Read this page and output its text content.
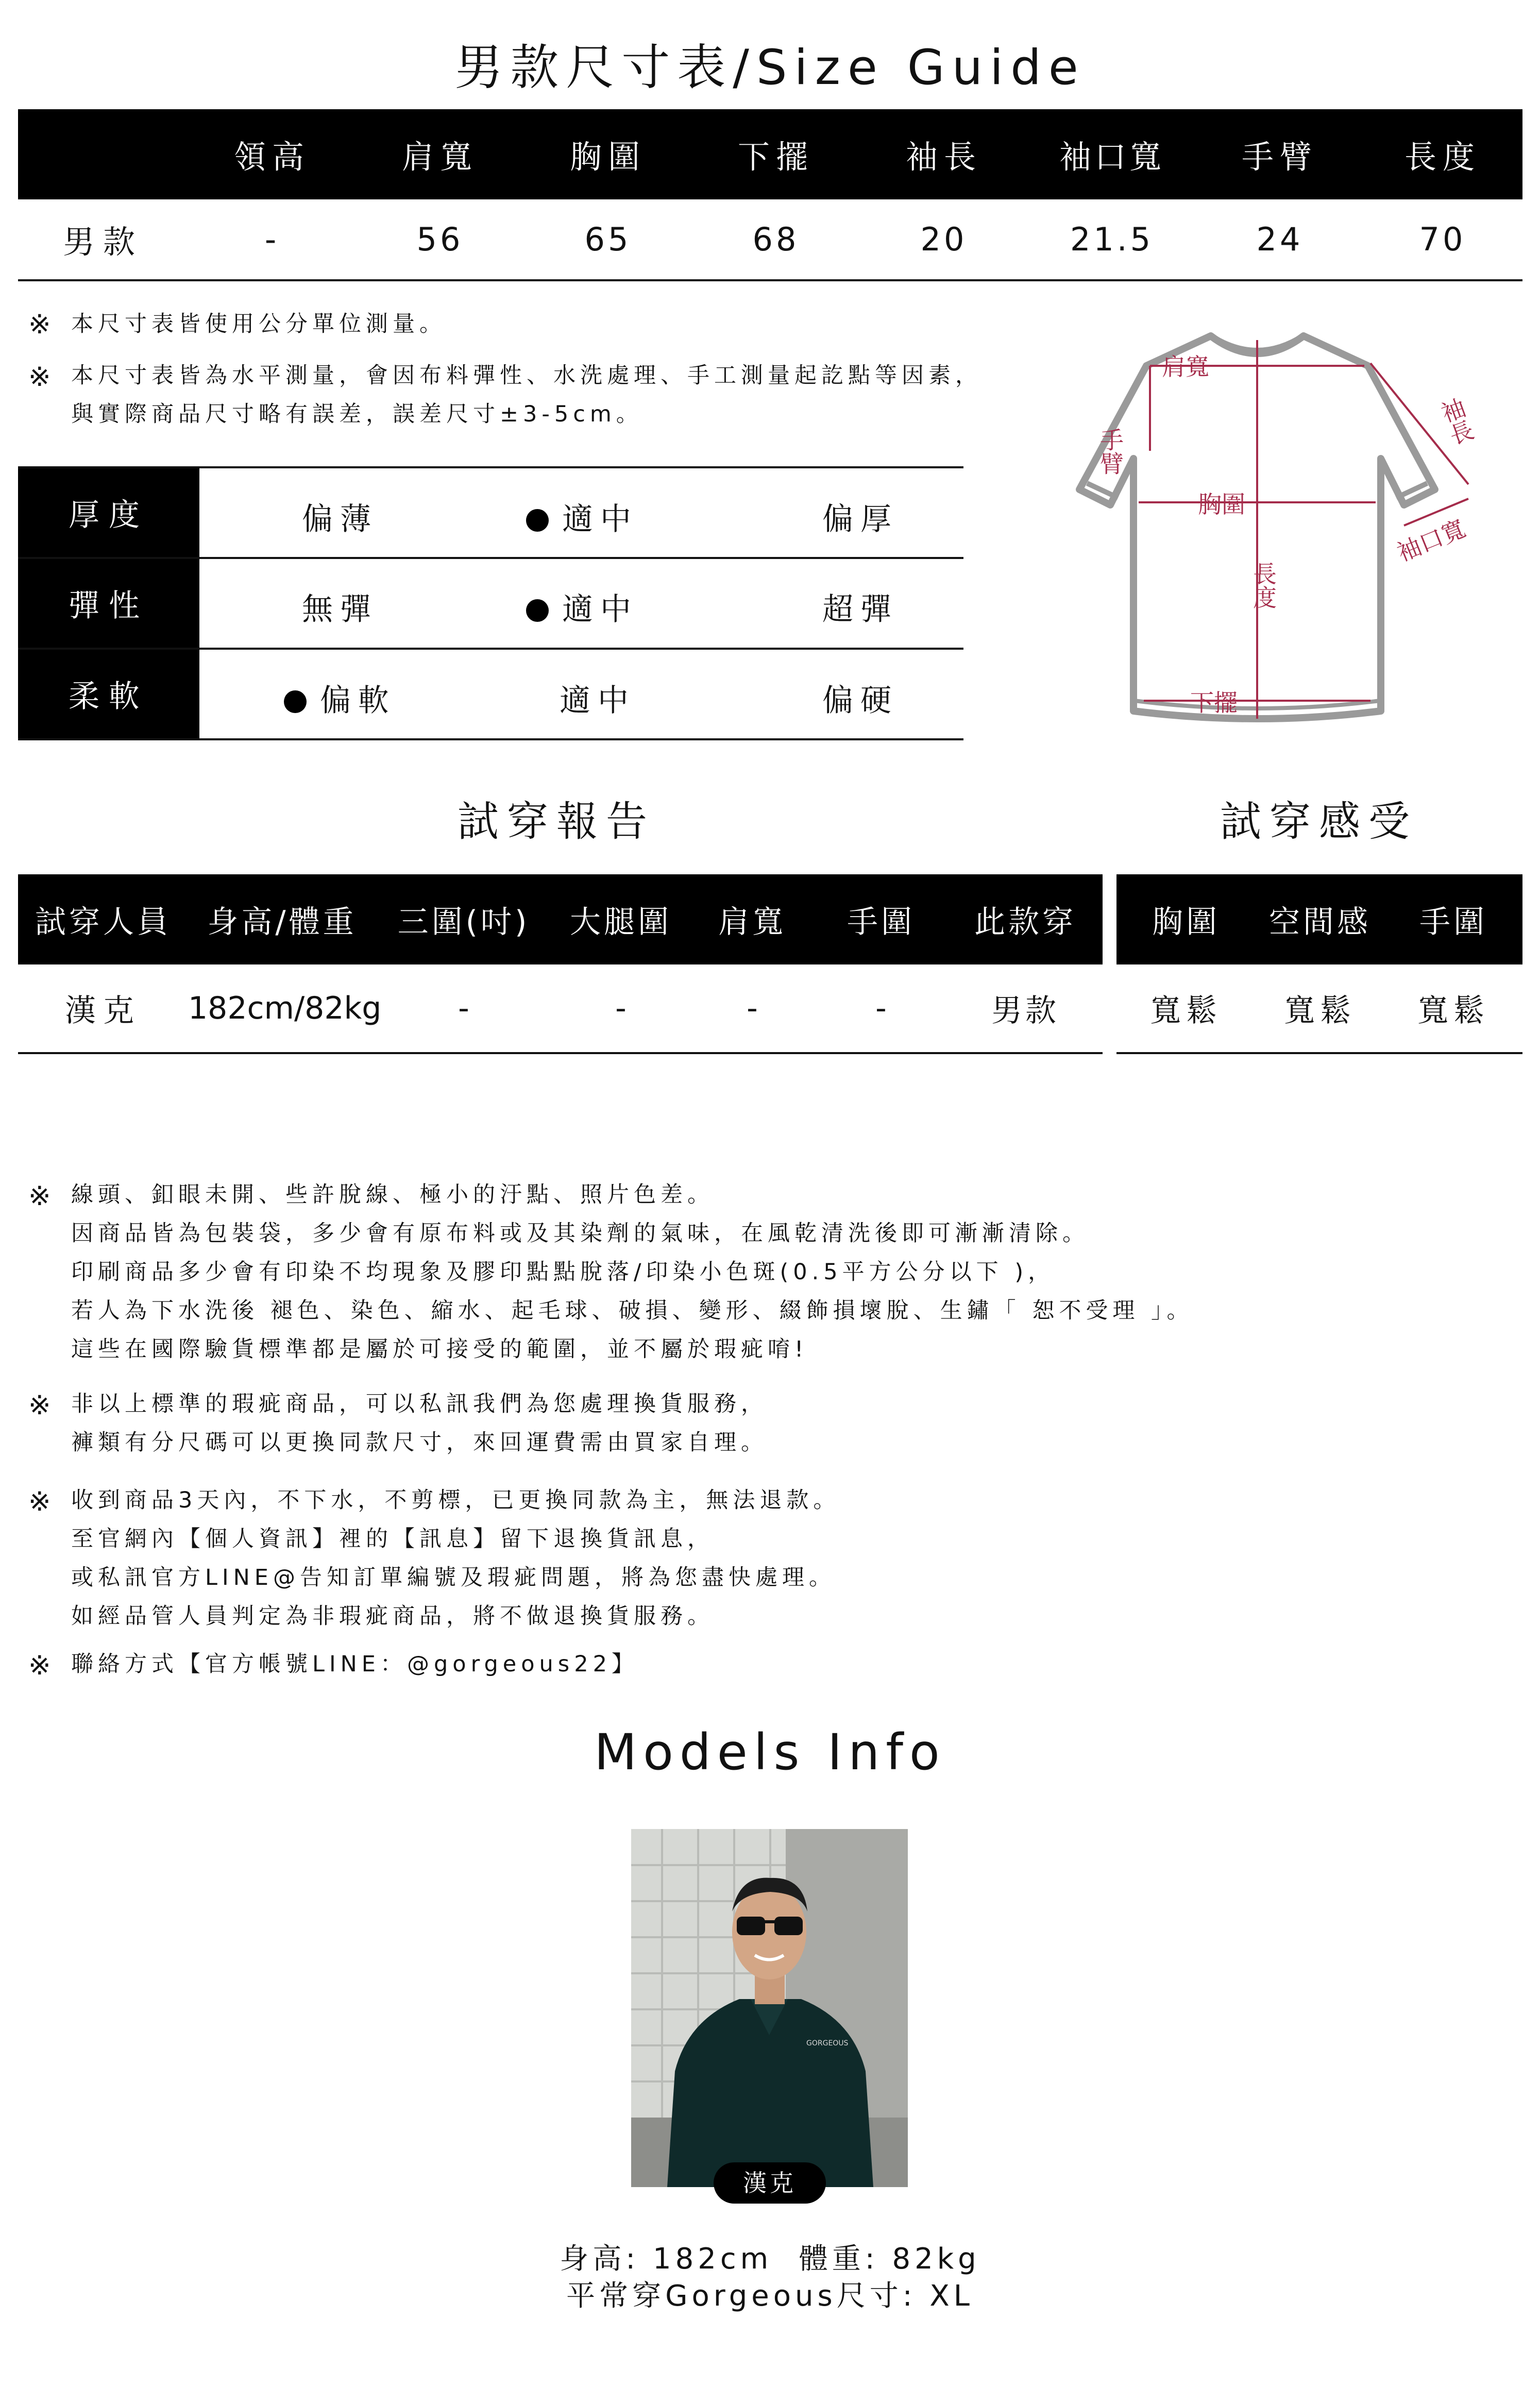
男款尺寸表/Size Guide
領高	肩寬	胸圍	下擺	袖長	袖口寬	手臂	長度
男款	-	56	65	68	20	21.5	24	70
※ 本尺寸表皆使用公分單位測量。
※ 本尺寸表皆為水平測量，會因布料彈性、水洗處理、手工測量起訖點等因素，
與實際商品尺寸略有誤差，誤差尺寸±3-5cm。
厚度	偏薄	適中	偏厚
彈性	無彈	適中	超彈
柔軟	偏軟	適中	偏硬
肩寬
手臂
袖長
胸圍
袖口寬
長度
下擺
試穿報告	試穿感受
試穿人員	身高/體重	三圍(吋)	大腿圍	肩寬	手圍	此款穿
漢克	182cm/82kg	-	-	-	-	男款
胸圍	空間感	手圍
寬鬆	寬鬆	寬鬆
※ 線頭、釦眼未開、些許脫線、極小的汙點、照片色差。
因商品皆為包裝袋，多少會有原布料或及其染劑的氣味，在風乾清洗後即可漸漸清除。
印刷商品多少會有印染不均現象及膠印點點脫落/印染小色斑(0.5平方公分以下 )，
若人為下水洗後 褪色、染色、縮水、起毛球、破損、變形、綴飾損壞脫、生鏽「 恕不受理 」。
這些在國際驗貨標準都是屬於可接受的範圍，並不屬於瑕疵唷!
※ 非以上標準的瑕疵商品，可以私訊我們為您處理換貨服務，
褲類有分尺碼可以更換同款尺寸，來回運費需由買家自理。
※ 收到商品3天內，不下水，不剪標，已更換同款為主，無法退款。
至官網內【個人資訊】裡的【訊息】留下退換貨訊息，
或私訊官方LINE@告知訂單編號及瑕疵問題，將為您盡快處理。
如經品管人員判定為非瑕疵商品，將不做退換貨服務。
※ 聯絡方式【官方帳號LINE：@gorgeous22】
Models Info
GORGEOUS
漢克
身高: 182cm  體重: 82kg
平常穿Gorgeous尺寸: XL
